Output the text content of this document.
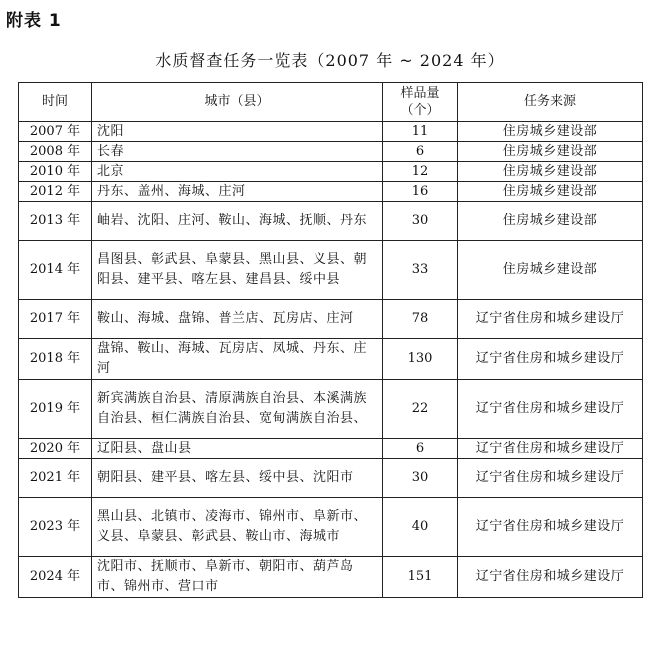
附表 1
水质督查任务一览表（2007 年 ~ 2024 年）
时间	城市（县）	样品量（个）	任务来源
2007 年	沈阳	11	住房城乡建设部
2008 年	长春	6	住房城乡建设部
2010 年	北京	12	住房城乡建设部
2012 年	丹东、盖州、海城、庄河	16	住房城乡建设部
2013 年	岫岩、沈阳、庄河、鞍山、海城、抚顺、丹东	30	住房城乡建设部
2014 年	昌图县、彰武县、阜蒙县、黑山县、义县、朝阳县、建平县、喀左县、建昌县、绥中县	33	住房城乡建设部
2017 年	鞍山、海城、盘锦、普兰店、瓦房店、庄河	78	辽宁省住房和城乡建设厅
2018 年	盘锦、鞍山、海城、瓦房店、凤城、丹东、庄河	130	辽宁省住房和城乡建设厅
2019 年	新宾满族自治县、清原满族自治县、本溪满族自治县、桓仁满族自治县、宽甸满族自治县、	22	辽宁省住房和城乡建设厅
2020 年	辽阳县、盘山县	6	辽宁省住房和城乡建设厅
2021 年	朝阳县、建平县、喀左县、绥中县、沈阳市	30	辽宁省住房和城乡建设厅
2023 年	黑山县、北镇市、凌海市、锦州市、阜新市、义县、阜蒙县、彰武县、鞍山市、海城市	40	辽宁省住房和城乡建设厅
2024 年	沈阳市、抚顺市、阜新市、朝阳市、葫芦岛市、锦州市、营口市	151	辽宁省住房和城乡建设厅
